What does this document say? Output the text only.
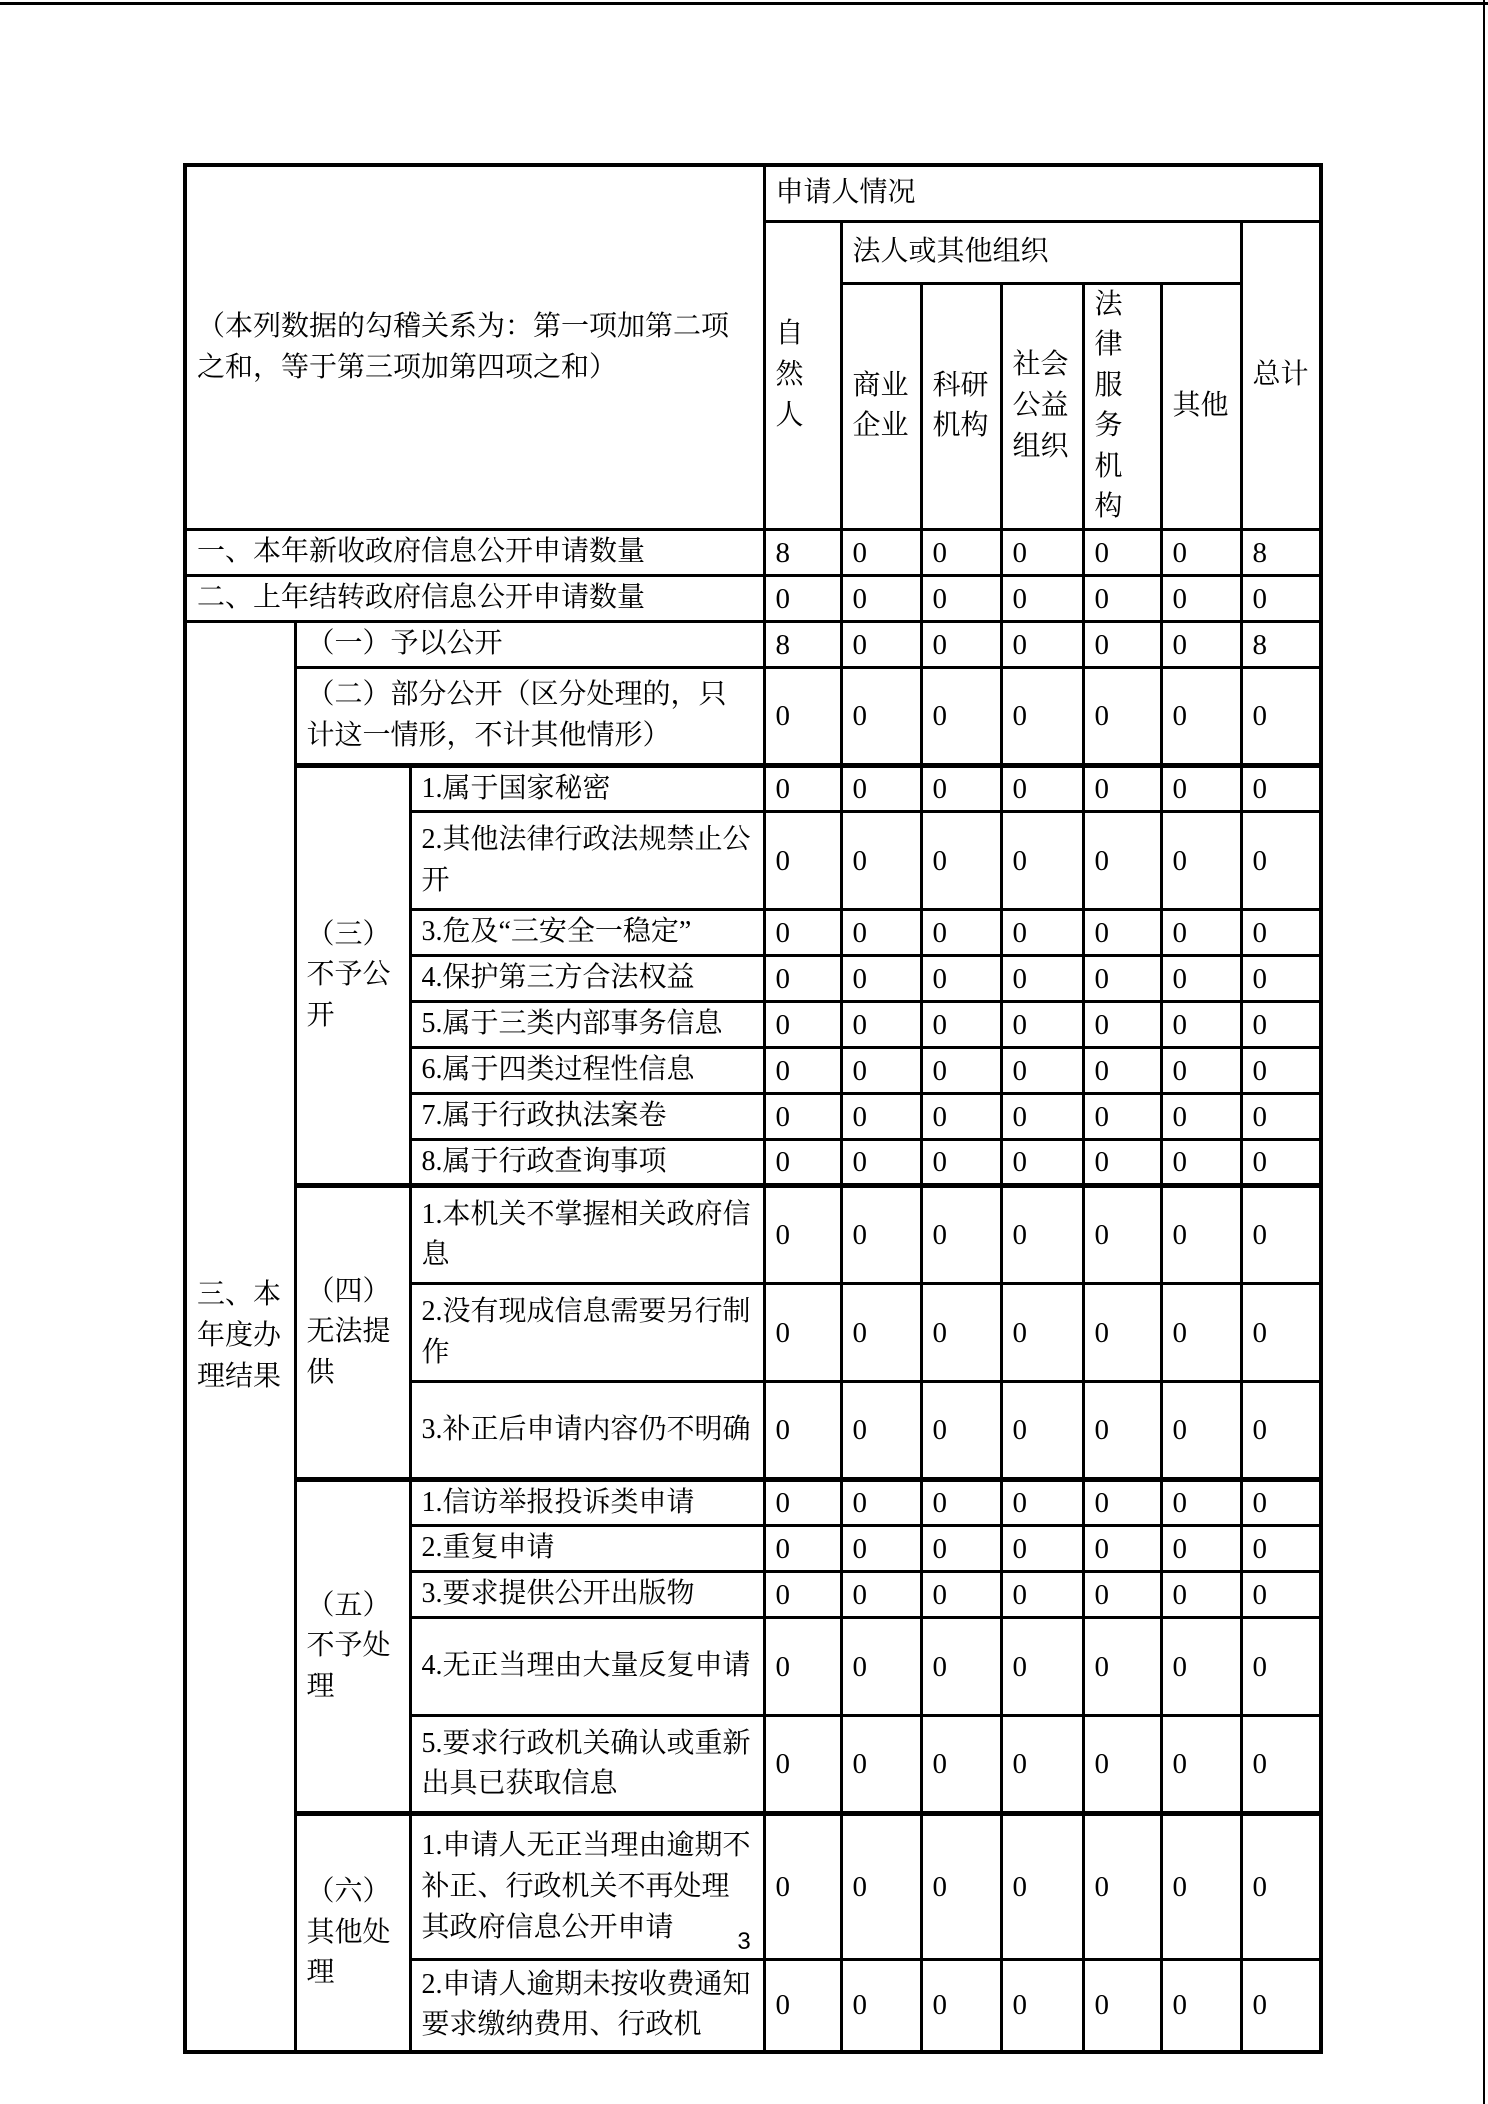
（本列数据的勾稽关系为：第一项加第二项之和，等于第三项加第四项之和）			申请人情况						
			自然人	法人或其他组织					总计
				商业企业	科研机构	社会公益组织	法律服务机构	其他	
一、本年新收政府信息公开申请数量			8	0	0	0	0	0	8
二、上年结转政府信息公开申请数量			0	0	0	0	0	0	0
三、本年度办理结果	（一）予以公开		8	0	0	0	0	0	8
	（二）部分公开（区分处理的，只计这一情形，不计其他情形）		0	0	0	0	0	0	0
	（三）不予公开	1.属于国家秘密	0	0	0	0	0	0	0
		2.其他法律行政法规禁止公开	0	0	0	0	0	0	0
		3.危及“三安全一稳定”	0	0	0	0	0	0	0
		4.保护第三方合法权益	0	0	0	0	0	0	0
		5.属于三类内部事务信息	0	0	0	0	0	0	0
		6.属于四类过程性信息	0	0	0	0	0	0	0
		7.属于行政执法案卷	0	0	0	0	0	0	0
		8.属于行政查询事项	0	0	0	0	0	0	0
	（四）无法提供	1.本机关不掌握相关政府信息	0	0	0	0	0	0	0
		2.没有现成信息需要另行制作	0	0	0	0	0	0	0
		3.补正后申请内容仍不明确	0	0	0	0	0	0	0
	（五）不予处理	1.信访举报投诉类申请	0	0	0	0	0	0	0
		2.重复申请	0	0	0	0	0	0	0
		3.要求提供公开出版物	0	0	0	0	0	0	0
		4.无正当理由大量反复申请	0	0	0	0	0	0	0
		5.要求行政机关确认或重新出具已获取信息	0	0	0	0	0	0	0
	（六）其他处理	1.申请人无正当理由逾期不补正、行政机关不再处理其政府信息公开申请	0	0	0	0	0	0	0
		2.申请人逾期未按收费通知要求缴纳费用、行政机	0	0	0	0	0	0	0
3
